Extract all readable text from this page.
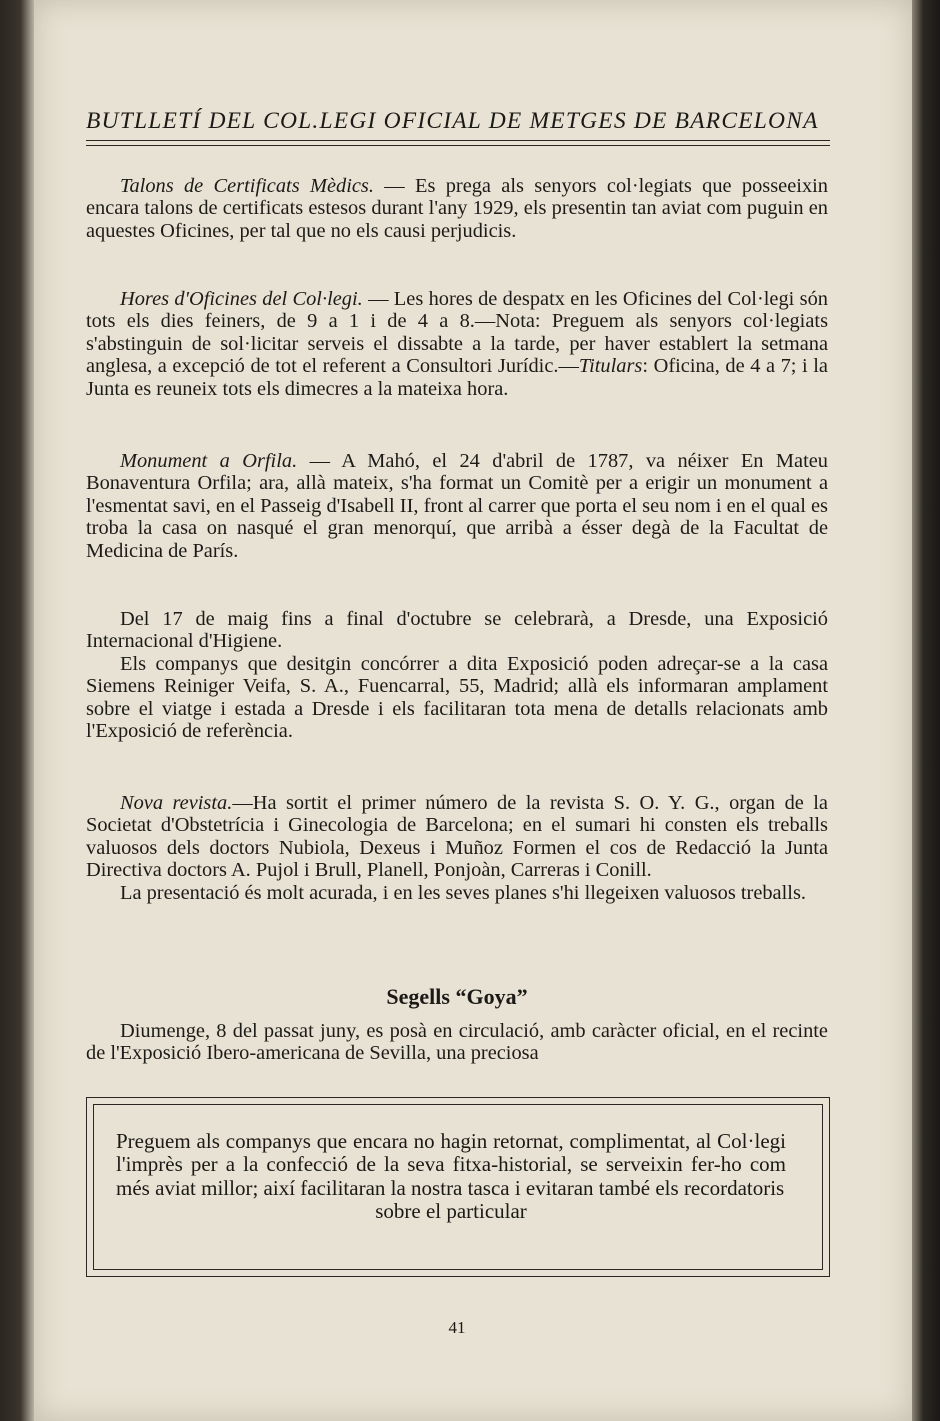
BUTLLETÍ DEL COL.LEGI OFICIAL DE METGES DE BARCELONA

Talons de Certificats Mèdics. — Es prega als senyors col·legiats que posseeixin encara talons de certificats estesos durant l'any 1929, els presentin tan aviat com puguin en aquestes Oficines, per tal que no els causi perjudicis.

Hores d'Oficines del Col·legi. — Les hores de despatx en les Oficines del Col·legi són tots els dies feiners, de 9 a 1 i de 4 a 8.—Nota: Preguem als senyors col·legiats s'abstinguin de sol·licitar serveis el dissabte a la tarde, per haver establert la setmana anglesa, a excepció de tot el referent a Consultori Jurídic.—Titulars: Oficina, de 4 a 7; i la Junta es reuneix tots els dimecres a la mateixa hora.

Monument a Orfila. — A Mahó, el 24 d'abril de 1787, va néixer En Mateu Bonaventura Orfila; ara, allà mateix, s'ha format un Comitè per a erigir un monument a l'esmentat savi, en el Passeig d'Isabell II, front al carrer que porta el seu nom i en el qual es troba la casa on nasqué el gran menorquí, que arribà a ésser degà de la Facultat de Medicina de París.

Del 17 de maig fins a final d'octubre se celebrarà, a Dresde, una Exposició Internacional d'Higiene.

Els companys que desitgin concórrer a dita Exposició poden adreçar-se a la casa Siemens Reiniger Veifa, S. A., Fuencarral, 55, Madrid; allà els informaran amplament sobre el viatge i estada a Dresde i els facilitaran tota mena de detalls relacionats amb l'Exposició de referència.

Nova revista.—Ha sortit el primer número de la revista S. O. Y. G., organ de la Societat d'Obstetrícia i Ginecologia de Barcelona; en el sumari hi consten els treballs valuosos dels doctors Nubiola, Dexeus i Muñoz Formen el cos de Redacció la Junta Directiva doctors A. Pujol i Brull, Planell, Ponjoàn, Carreras i Conill.

La presentació és molt acurada, i en les seves planes s'hi llegeixen valuosos treballs.

Segells “Goya”

Diumenge, 8 del passat juny, es posà en circulació, amb caràcter oficial, en el recinte de l'Exposició Ibero-americana de Sevilla, una preciosa

Preguem als companys que encara no hagin retornat, complimentat, al Col·legi l'imprès per a la confecció de la seva fitxa-historial, se serveixin fer-ho com més aviat millor; així facilitaran la nostra tasca i evitaran també els recordatoris
sobre el particular
41
